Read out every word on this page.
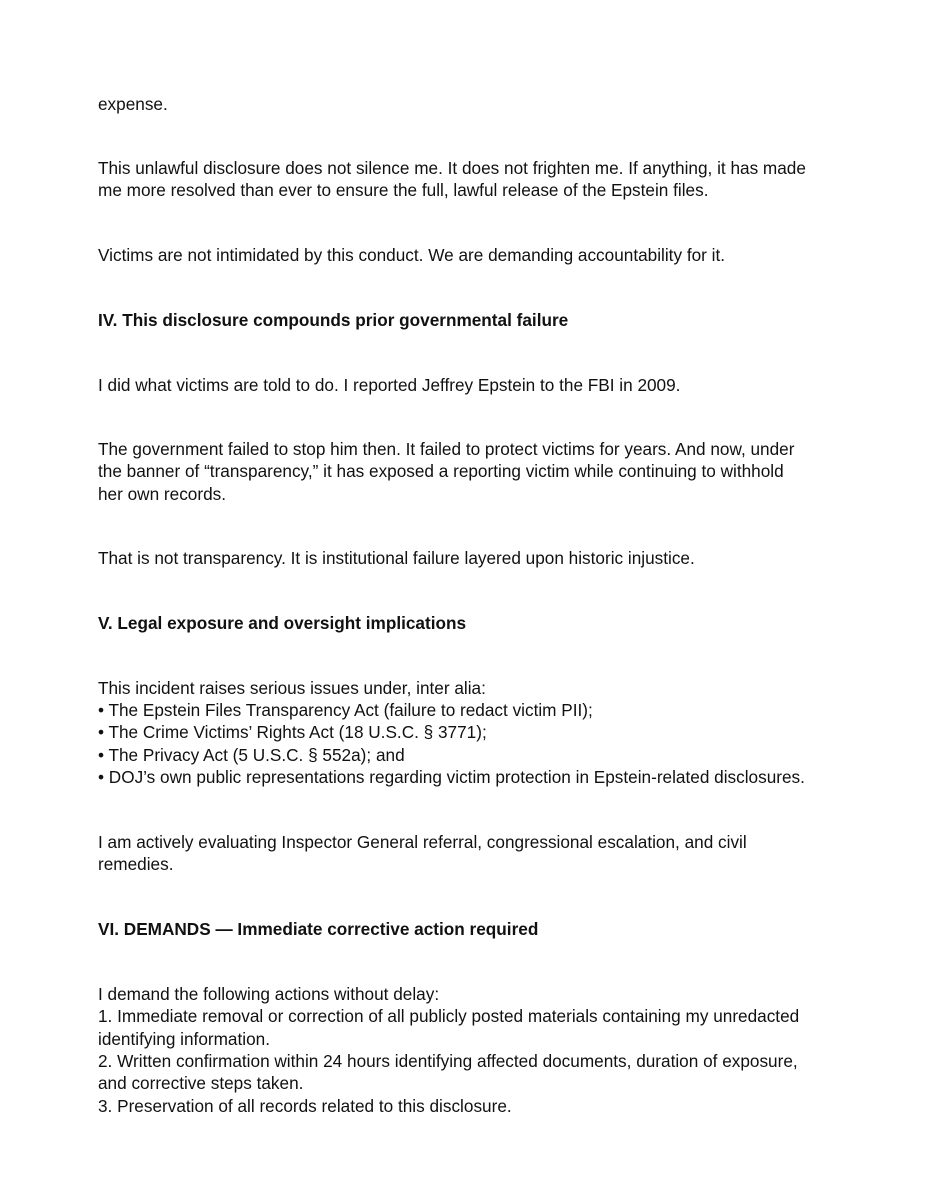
expense.
This unlawful disclosure does not silence me. It does not frighten me. If anything, it has made
me more resolved than ever to ensure the full, lawful release of the Epstein files.
Victims are not intimidated by this conduct. We are demanding accountability for it.
IV. This disclosure compounds prior governmental failure
I did what victims are told to do. I reported Jeffrey Epstein to the FBI in 2009.
The government failed to stop him then. It failed to protect victims for years. And now, under
the banner of “transparency,” it has exposed a reporting victim while continuing to withhold
her own records.
That is not transparency. It is institutional failure layered upon historic injustice.
V. Legal exposure and oversight implications
This incident raises serious issues under, inter alia:
• The Epstein Files Transparency Act (failure to redact victim PII);
• The Crime Victims’ Rights Act (18 U.S.C. § 3771);
• The Privacy Act (5 U.S.C. § 552a); and
• DOJ’s own public representations regarding victim protection in Epstein-related disclosures.
I am actively evaluating Inspector General referral, congressional escalation, and civil
remedies.
VI. DEMANDS — Immediate corrective action required
I demand the following actions without delay:
1. Immediate removal or correction of all publicly posted materials containing my unredacted
identifying information.
2. Written confirmation within 24 hours identifying affected documents, duration of exposure,
and corrective steps taken.
3. Preservation of all records related to this disclosure.
